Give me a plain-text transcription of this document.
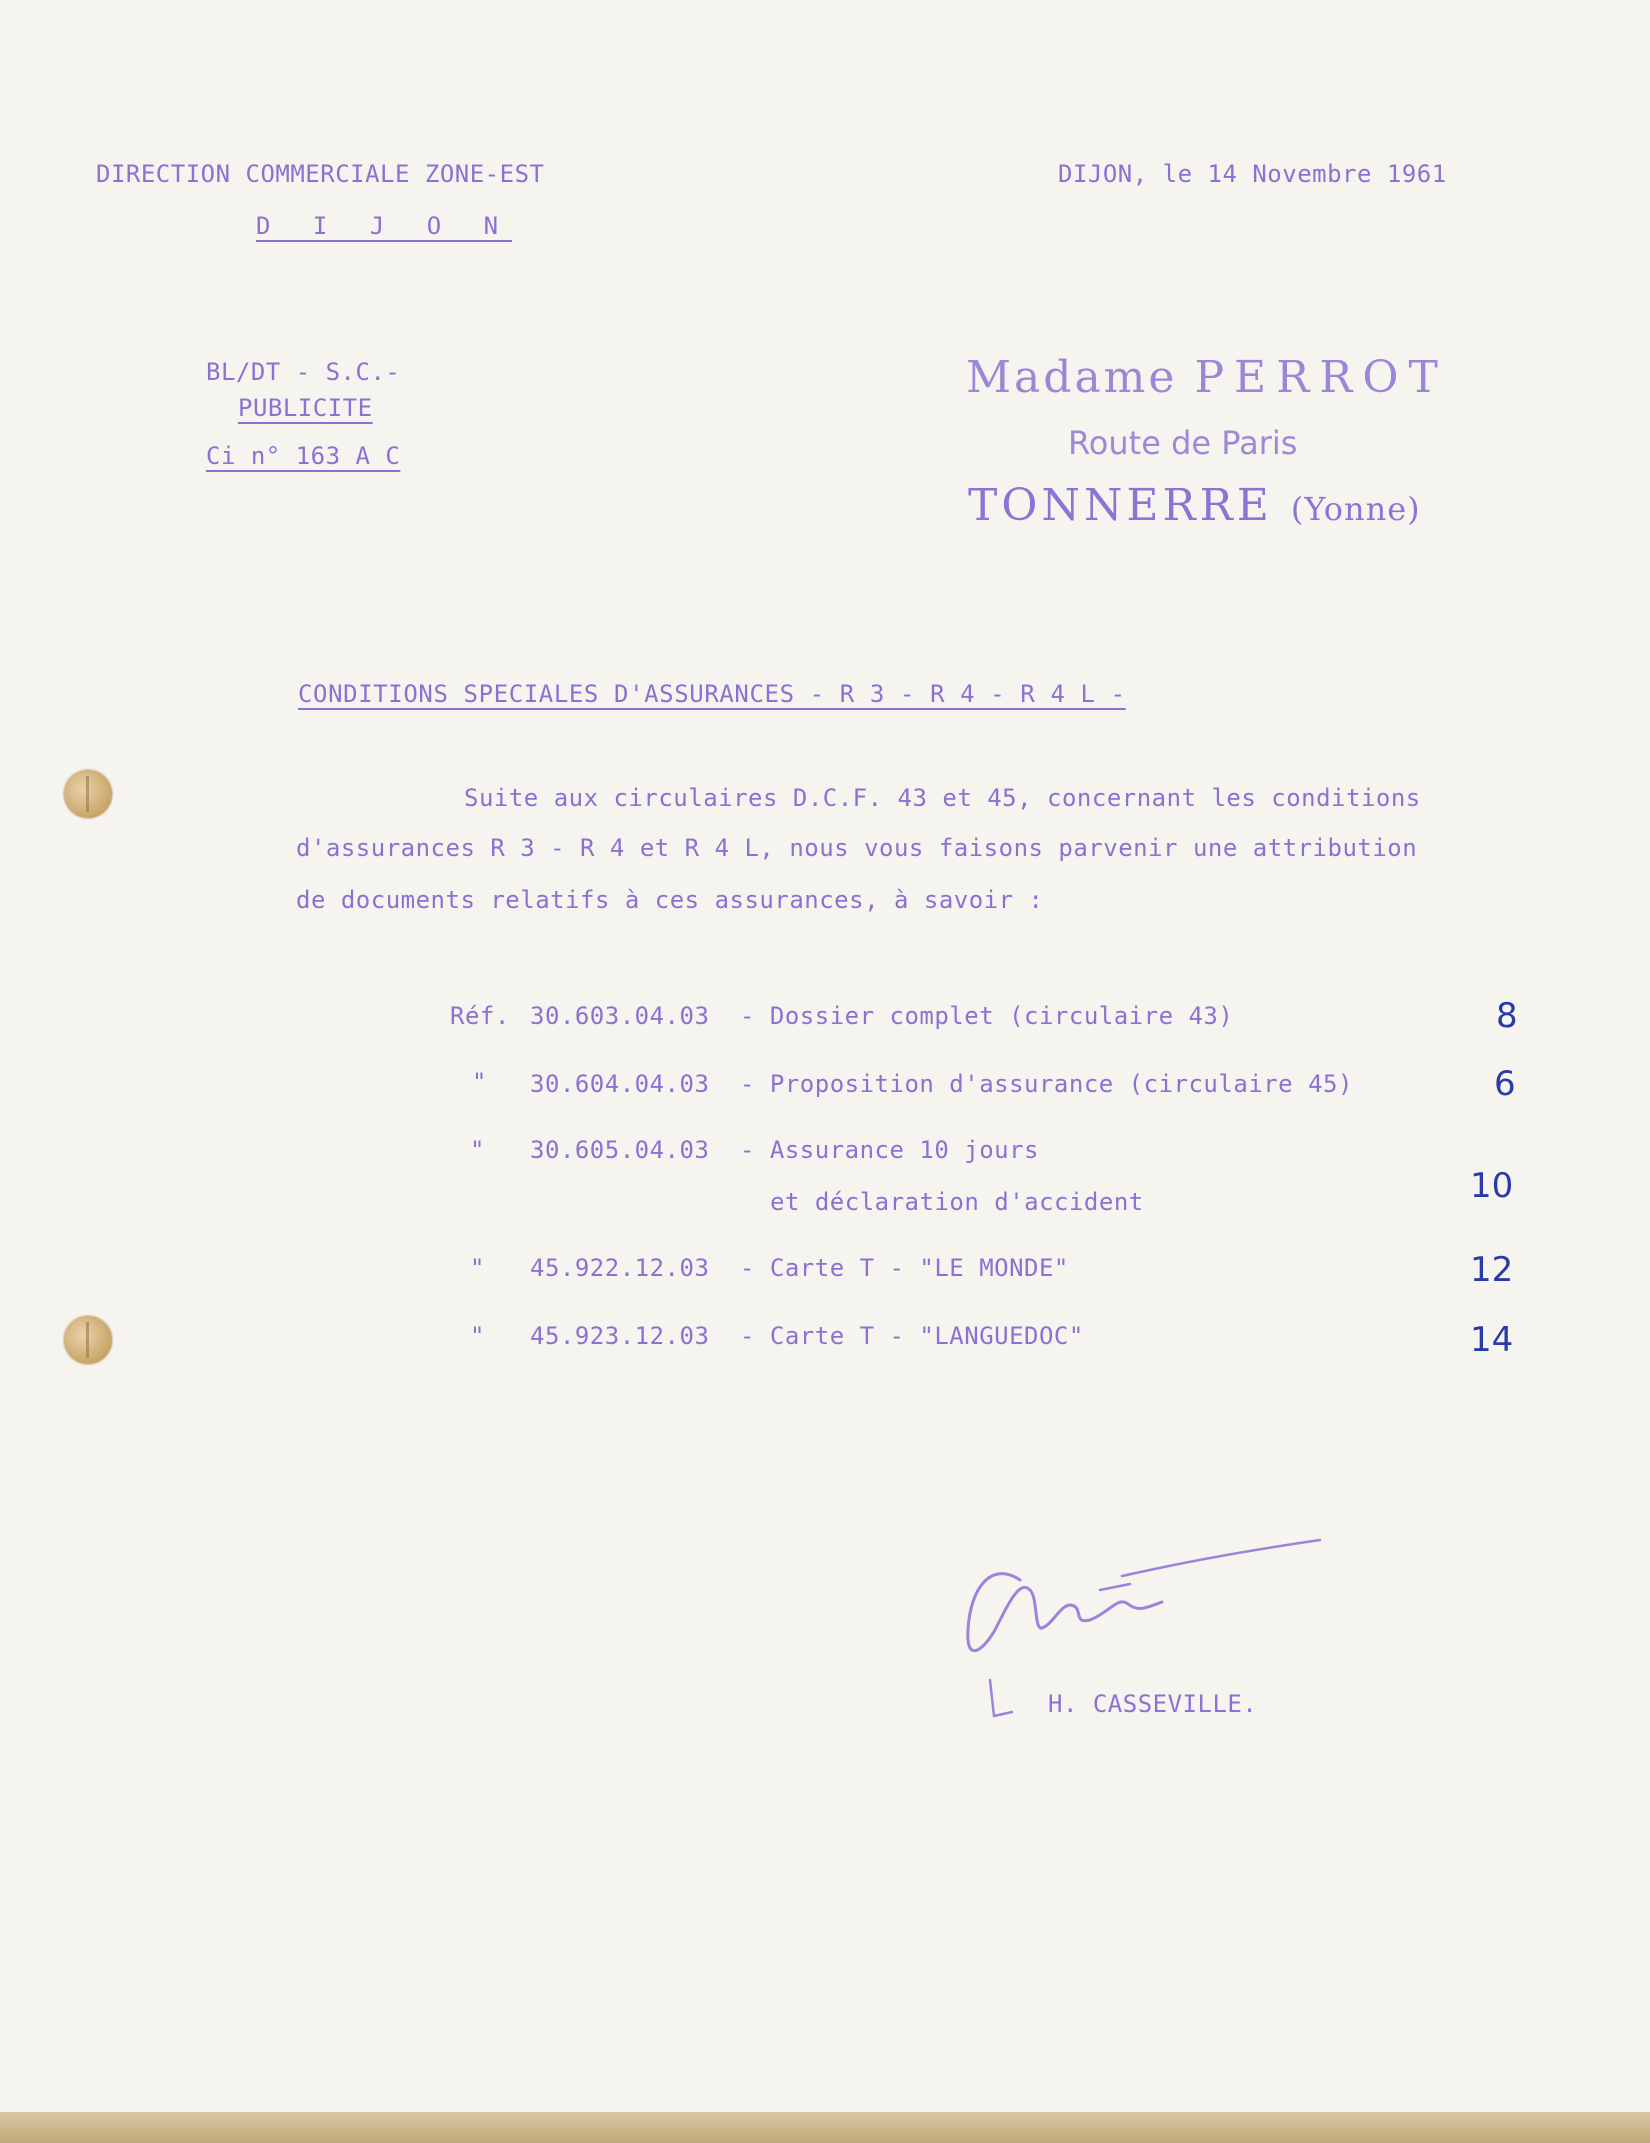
DIRECTION COMMERCIALE ZONE-EST
D I J O N
DIJON, le 14 Novembre 1961
BL/DT - S.C.-
PUBLICITE
Ci n° 163 A C
Madame PERROT
Route de Paris
TONNERRE (Yonne)
CONDITIONS SPECIALES D'ASSURANCES - R 3 - R 4 - R 4 L -
Suite aux circulaires D.C.F. 43 et 45, concernant les conditions
d'assurances R 3 - R 4 et R 4 L, nous vous faisons parvenir une attribution
de documents relatifs à ces assurances, à savoir :
Réf. 30.603.04.03 - Dossier complet (circulaire 43)	8
" 30.604.04.03 - Proposition d'assurance (circulaire 45)	6
" 30.605.04.03 - Assurance 10 jours
et déclaration d'accident	10
" 45.922.12.03 - Carte T - "LE MONDE"	12
" 45.923.12.03 - Carte T - "LANGUEDOC"	14
H. CASSEVILLE.
